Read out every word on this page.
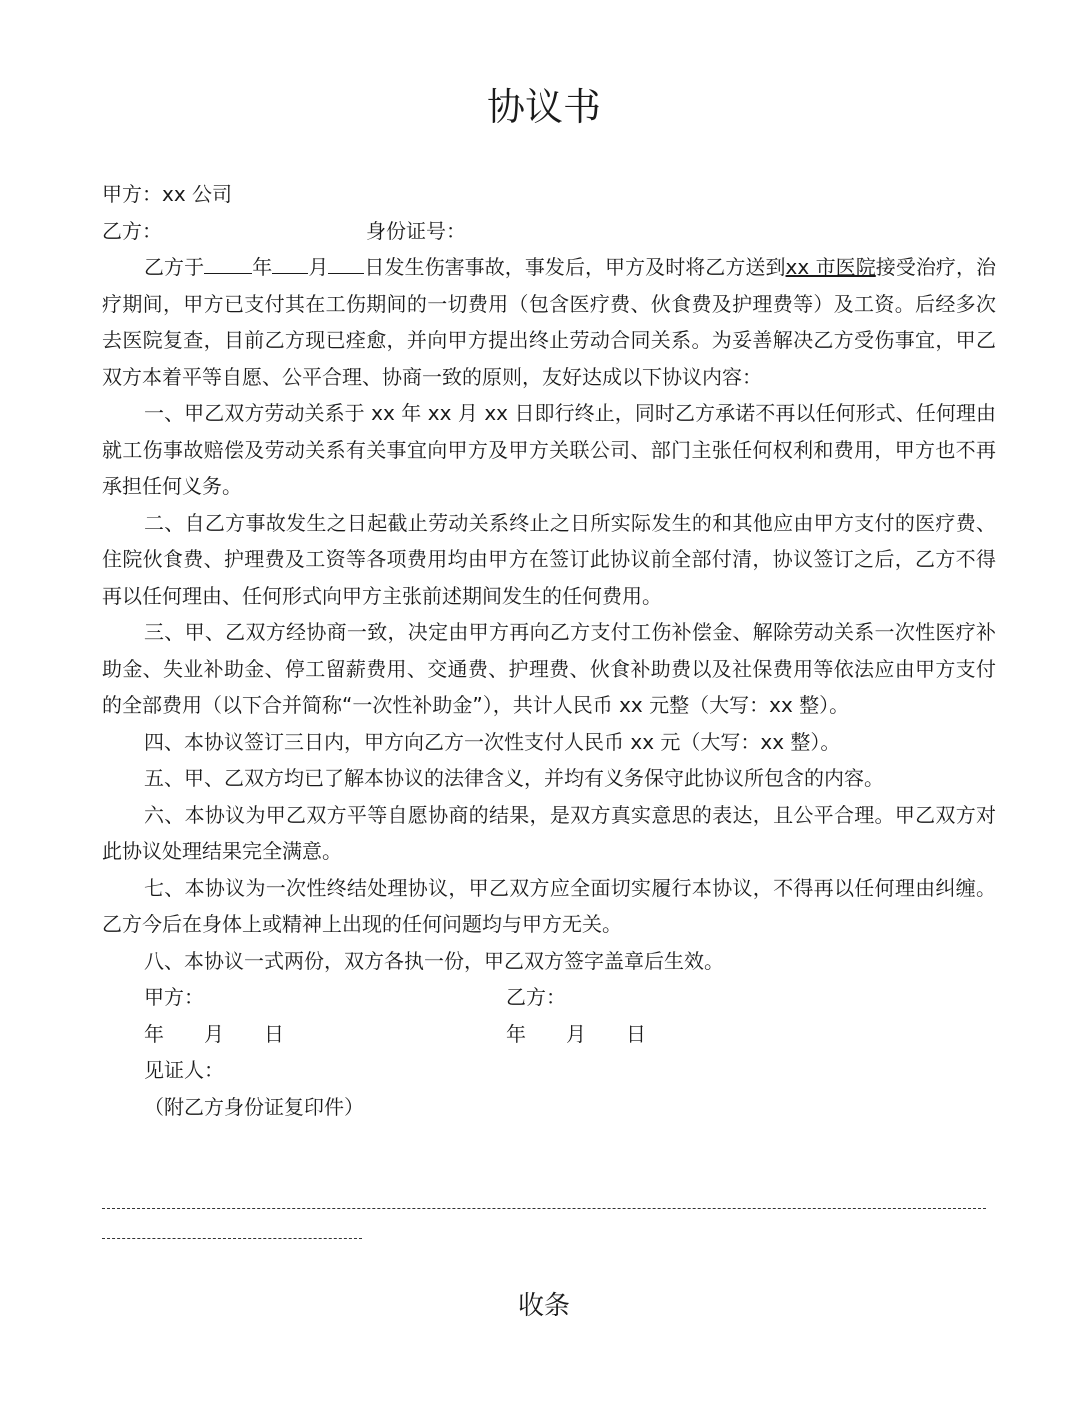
协议书
甲方：xx 公司
乙方：	身份证号：
乙方于 年 月 日发生伤害事故，事发后，甲方及时将乙方送到xx 市医院接受治疗，治疗期间，甲方已支付其在工伤期间的一切费用（包含医疗费、伙食费及护理费等）及工资。后经多次去医院复查，目前乙方现已痊愈，并向甲方提出终止劳动合同关系。为妥善解决乙方受伤事宜，甲乙双方本着平等自愿、公平合理、协商一致的原则，友好达成以下协议内容：
一、甲乙双方劳动关系于 xx 年 xx 月 xx 日即行终止，同时乙方承诺不再以任何形式、任何理由就工伤事故赔偿及劳动关系有关事宜向甲方及甲方关联公司、部门主张任何权利和费用，甲方也不再承担任何义务。
二、自乙方事故发生之日起截止劳动关系终止之日所实际发生的和其他应由甲方支付的医疗费、住院伙食费、护理费及工资等各项费用均由甲方在签订此协议前全部付清，协议签订之后，乙方不得再以任何理由、任何形式向甲方主张前述期间发生的任何费用。
三、甲、乙双方经协商一致，决定由甲方再向乙方支付工伤补偿金、解除劳动关系一次性医疗补助金、失业补助金、停工留薪费用、交通费、护理费、伙食补助费以及社保费用等依法应由甲方支付的全部费用（以下合并简称“一次性补助金”），共计人民币 xx 元整（大写：xx 整）。
四、本协议签订三日内，甲方向乙方一次性支付人民币 xx 元（大写：xx 整）。
五、甲、乙双方均已了解本协议的法律含义，并均有义务保守此协议所包含的内容。
六、本协议为甲乙双方平等自愿协商的结果，是双方真实意思的表达，且公平合理。甲乙双方对此协议处理结果完全满意。
七、本协议为一次性终结处理协议，甲乙双方应全面切实履行本协议，不得再以任何理由纠缠。乙方今后在身体上或精神上出现的任何问题均与甲方无关。
八、本协议一式两份，双方各执一份，甲乙双方签字盖章后生效。
甲方：	乙方：
年　　月　　日	年　　月　　日
见证人：
（附乙方身份证复印件）
收条
